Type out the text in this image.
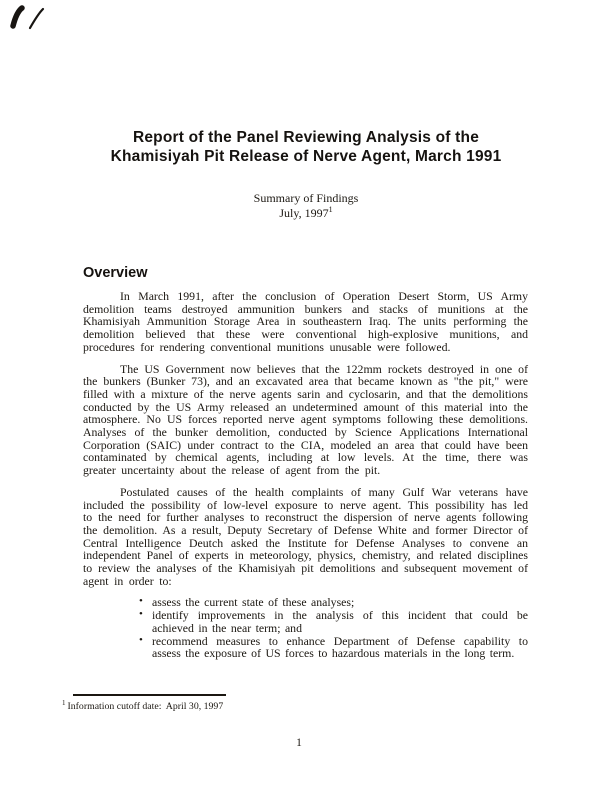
Report of the Panel Reviewing Analysis of the
Khamisiyah Pit Release of Nerve Agent, March 1991
Summary of Findings
July, 1997$^1$
Overview

In March 1991, after the conclusion of Operation Desert Storm, US Army demolition teams destroyed ammunition bunkers and stacks of munitions at the Khamisiyah Ammunition Storage Area in southeastern Iraq. The units performing the demolition believed that these were conventional high-explosive munitions, and procedures for rendering conventional munitions unusable were followed.

The US Government now believes that the 122mm rockets destroyed in one of the bunkers (Bunker 73), and an excavated area that became known as "the pit," were filled with a mixture of the nerve agents sarin and cyclosarin, and that the demolitions conducted by the US Army released an undetermined amount of this material into the atmosphere. No US forces reported nerve agent symptoms following these demolitions. Analyses of the bunker demolition, conducted by Science Applications International Corporation (SAIC) under contract to the CIA, modeled an area that could have been contaminated by chemical agents, including at low levels. At the time, there was greater uncertainty about the release of agent from the pit.

Postulated causes of the health complaints of many Gulf War veterans have included the possibility of low-level exposure to nerve agent. This possibility has led to the need for further analyses to reconstruct the dispersion of nerve agents following the demolition. As a result, Deputy Secretary of Defense White and former Director of Central Intelligence Deutch asked the Institute for Defense Analyses to convene an independent Panel of experts in meteorology, physics, chemistry, and related disciplines to review the analyses of the Khamisiyah pit demolitions and subsequent movement of agent in order to:

• assess the current state of these analyses;
• identify improvements in the analysis of this incident that could be achieved in the near term; and
• recommend measures to enhance Department of Defense capability to assess the exposure of US forces to hazardous materials in the long term.
$^1$ Information cutoff date:  April 30, 1997
1
